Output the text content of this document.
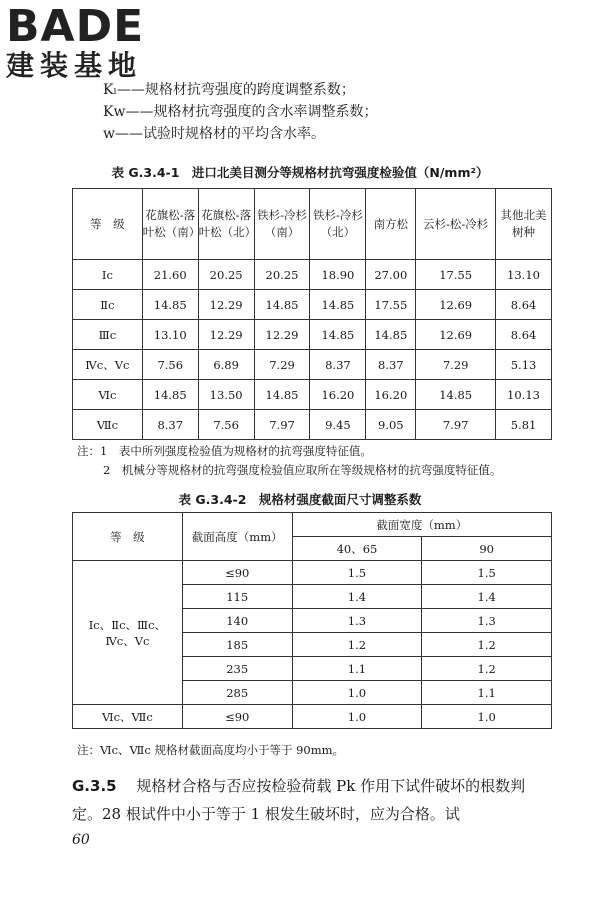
BADE
建装基地
Kₗ——规格材抗弯强度的跨度调整系数；
Kw——规格材抗弯强度的含水率调整系数；
w——试验时规格材的平均含水率。
表 G.3.4-1　进口北美目测分等规格材抗弯强度检验值（N/mm²）
等　级	花旗松-落叶松（南）	花旗松-落叶松（北）	铁杉-冷杉（南）	铁杉-冷杉（北）	南方松	云杉-松-冷杉	其他北美树种
Ⅰc	21.60	20.25	20.25	18.90	27.00	17.55	13.10
Ⅱc	14.85	12.29	14.85	14.85	17.55	12.69	8.64
Ⅲc	13.10	12.29	12.29	14.85	14.85	12.69	8.64
Ⅳc、Ⅴc	7.56	6.89	7.29	8.37	8.37	7.29	5.13
Ⅵc	14.85	13.50	14.85	16.20	16.20	14.85	10.13
Ⅶc	8.37	7.56	7.97	9.45	9.05	7.97	5.81
注：1　表中所列强度检验值为规格材的抗弯强度特征值。
2　机械分等规格材的抗弯强度检验值应取所在等级规格材的抗弯强度特征值。
表 G.3.4-2　规格材强度截面尺寸调整系数
等　级	截面高度（mm）	截面宽度（mm）	
		40、65	90
Ⅰc、Ⅱc、Ⅲc、Ⅳc、Ⅴc	≤90	1.5	1.5
	115	1.4	1.4
	140	1.3	1.3
	185	1.2	1.2
	235	1.1	1.2
	285	1.0	1.1
Ⅵc、Ⅶc	≤90	1.0	1.0
注：Ⅵc、Ⅶc 规格材截面高度均小于等于 90mm。
G.3.5 　 规格材合格与否应按检验荷载 Pk 作用下试件破坏的根数判定。28 根试件中小于等于 1 根发生破坏时，应为合格。试
60
